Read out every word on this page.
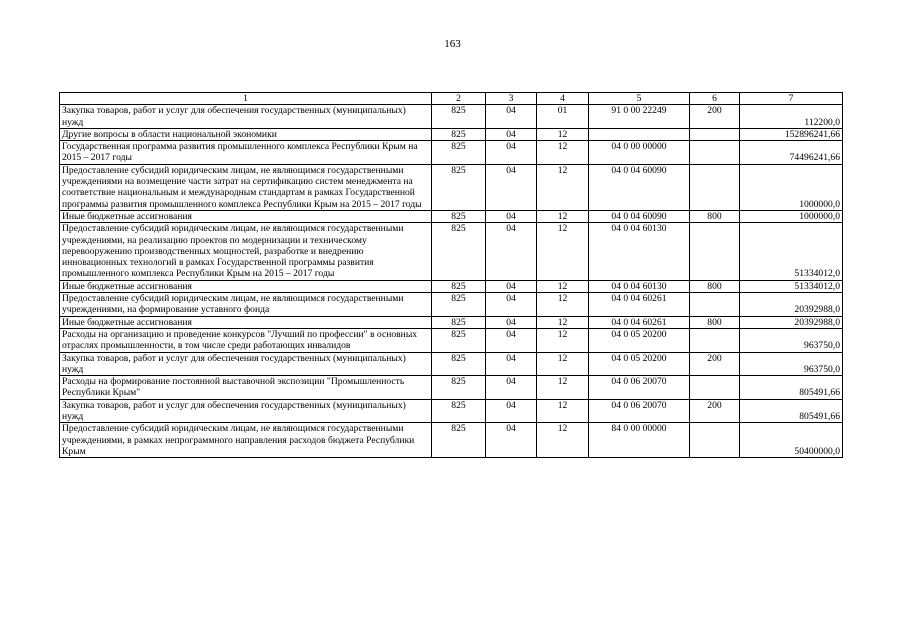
163
1	2	3	4	5	6	7
Закупка товаров, работ и услуг для обеспечения государственных (муниципальных) нужд	825	04	01	91 0 00 22249	200	112200,0
Другие вопросы в области национальной экономики	825	04	12			152896241,66
Государственная программа развития промышленного комплекса Республики Крым на 2015 – 2017 годы	825	04	12	04 0 00 00000		74496241,66
Предоставление субсидий юридическим лицам, не являющимся государственными учреждениями на возмещение части затрат на сертификацию систем менеджмента на соответствие национальным и международным стандартам в рамках Государственной программы развития промышленного комплекса Республики Крым на 2015 – 2017 годы	825	04	12	04 0 04 60090		1000000,0
Иные бюджетные ассигнования	825	04	12	04 0 04 60090	800	1000000,0
Предоставление субсидий юридическим лицам, не являющимся государственными учреждениями, на реализацию проектов по модернизации и техническому перевооружению производственных мощностей, разработке и внедрению инновационных технологий в рамках Государственной программы развития промышленного комплекса Республики Крым на 2015 – 2017 годы	825	04	12	04 0 04 60130		51334012,0
Иные бюджетные ассигнования	825	04	12	04 0 04 60130	800	51334012,0
Предоставление субсидий юридическим лицам, не являющимся государственными учреждениями, на формирование уставного фонда	825	04	12	04 0 04 60261		20392988,0
Иные бюджетные ассигнования	825	04	12	04 0 04 60261	800	20392988,0
Расходы на организацию и проведение конкурсов "Лучший по профессии" в основных отраслях промышленности, в том числе среди работающих инвалидов	825	04	12	04 0 05 20200		963750,0
Закупка товаров, работ и услуг для обеспечения государственных (муниципальных) нужд	825	04	12	04 0 05 20200	200	963750,0
Расходы на формирование постоянной выставочной экспозиции "Промышленность Республики Крым"	825	04	12	04 0 06 20070		805491,66
Закупка товаров, работ и услуг для обеспечения государственных (муниципальных) нужд	825	04	12	04 0 06 20070	200	805491,66
Предоставление субсидий юридическим лицам, не являющимся государственными учреждениями, в рамках непрограммного направления расходов бюджета Республики Крым	825	04	12	84 0 00 00000		50400000,0
